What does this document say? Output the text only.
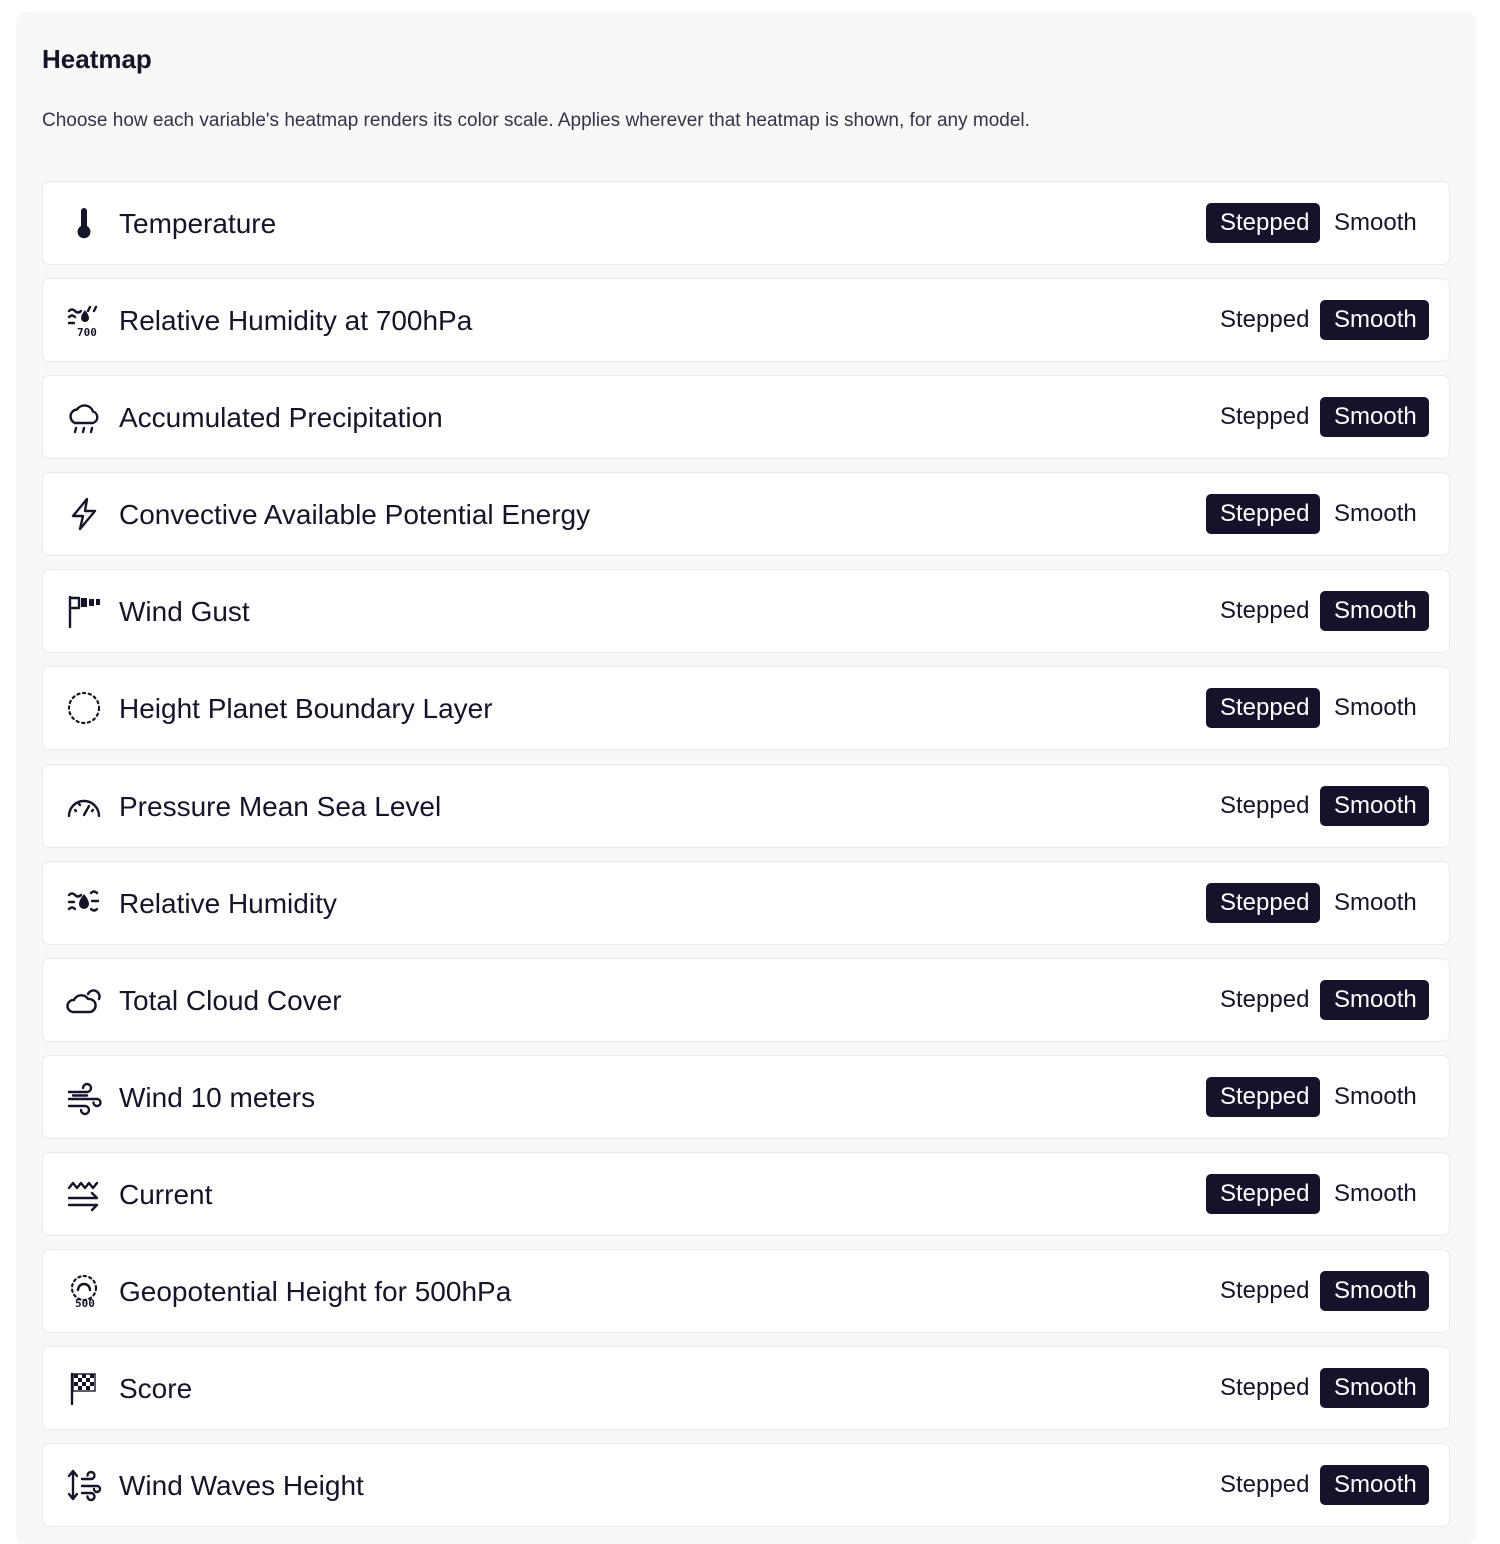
Heatmap

Choose how each variable's heatmap renders its color scale. Applies wherever that heatmap is shown, for any model.

Temperature	Stepped	Smooth
700 Relative Humidity at 700hPa	Stepped	Smooth
Accumulated Precipitation	Stepped	Smooth
Convective Available Potential Energy	Stepped	Smooth
Wind Gust	Stepped	Smooth
Height Planet Boundary Layer	Stepped	Smooth
Pressure Mean Sea Level	Stepped	Smooth
Relative Humidity	Stepped	Smooth
Total Cloud Cover	Stepped	Smooth
Wind 10 meters	Stepped	Smooth
Current	Stepped	Smooth
500 Geopotential Height for 500hPa	Stepped	Smooth
Score	Stepped	Smooth
Wind Waves Height	Stepped	Smooth
